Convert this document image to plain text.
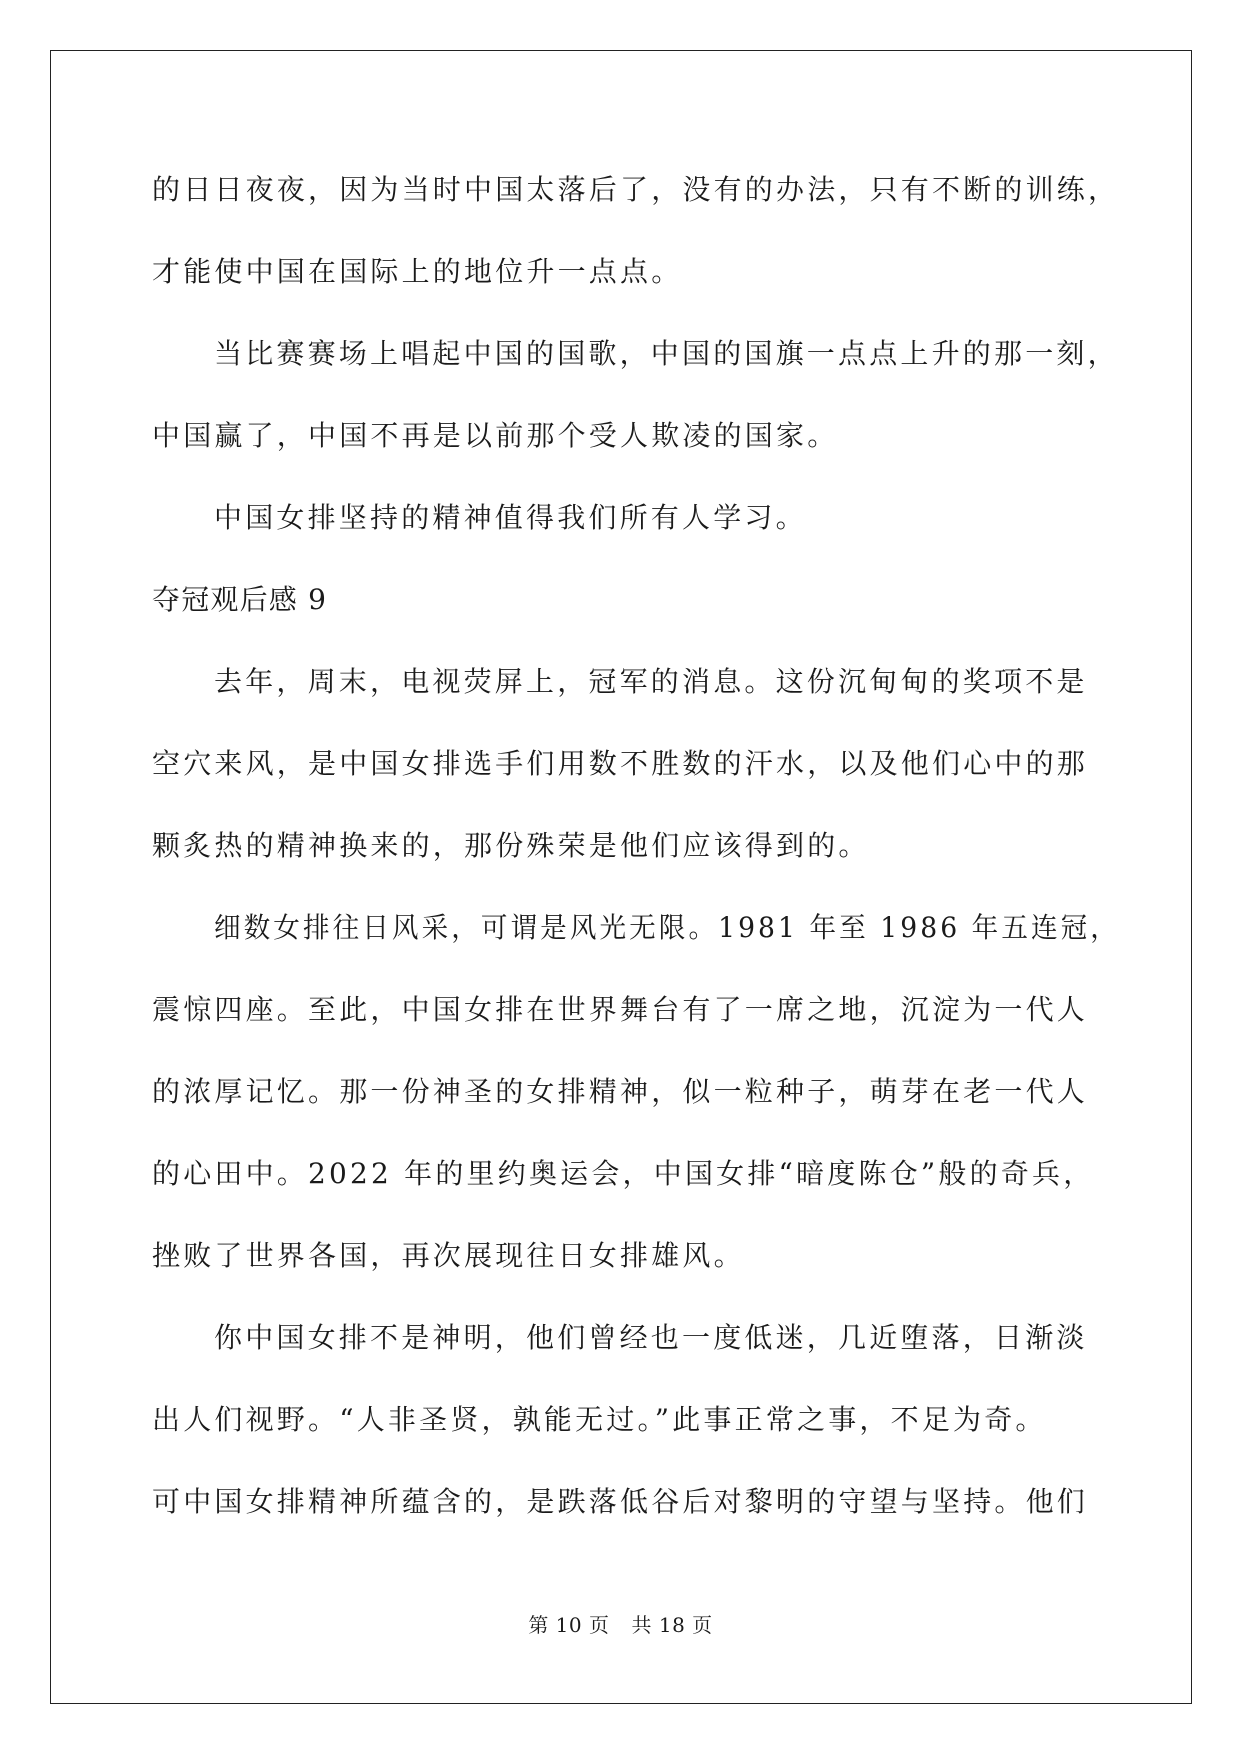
的日日夜夜，因为当时中国太落后了，没有的办法，只有不断的训练，
才能使中国在国际上的地位升一点点。
当比赛赛场上唱起中国的国歌，中国的国旗一点点上升的那一刻，
中国赢了，中国不再是以前那个受人欺凌的国家。
中国女排坚持的精神值得我们所有人学习。
夺冠观后感 9
去年，周末，电视荧屏上，冠军的消息。这份沉甸甸的奖项不是
空穴来风，是中国女排选手们用数不胜数的汗水，以及他们心中的那
颗炙热的精神换来的，那份殊荣是他们应该得到的。
细数女排往日风采，可谓是风光无限。1981 年至 1986 年五连冠，
震惊四座。至此，中国女排在世界舞台有了一席之地，沉淀为一代人
的浓厚记忆。那一份神圣的女排精神，似一粒种子，萌芽在老一代人
的心田中。2022 年的里约奥运会，中国女排“暗度陈仓”般的奇兵，
挫败了世界各国，再次展现往日女排雄风。
你中国女排不是神明，他们曾经也一度低迷，几近堕落，日渐淡
出人们视野。“人非圣贤，孰能无过。”此事正常之事，不足为奇。
可中国女排精神所蕴含的，是跌落低谷后对黎明的守望与坚持。他们
第 10 页 共 18 页
